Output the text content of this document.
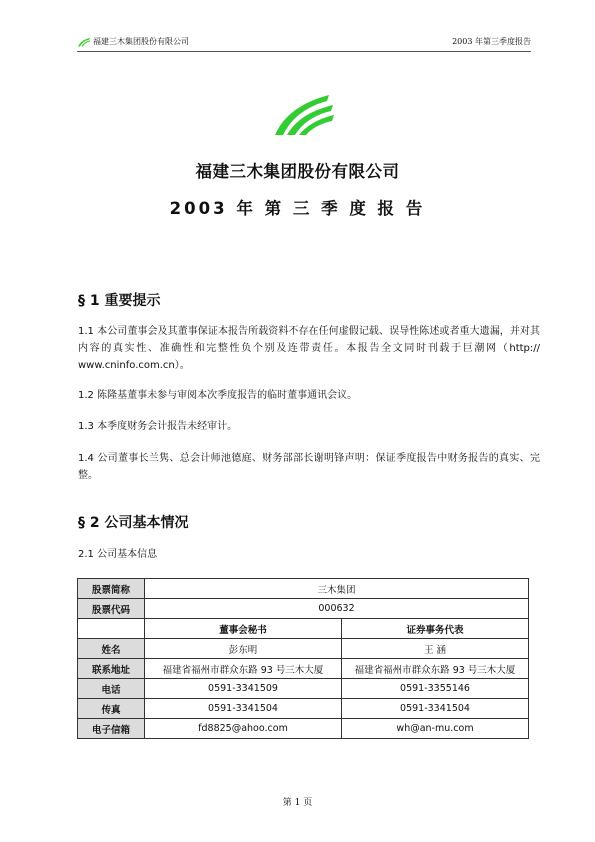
福建三木集团股份有限公司	2003 年第三季度报告
福建三木集团股份有限公司
2003 年 第 三 季 度 报 告
§ 1 重要提示
1.1 本公司董事会及其董事保证本报告所载资料不存在任何虚假记载、误导性陈述或者重大遗漏，并对其内容的真实性、准确性和完整性负个别及连带责任。本报告全文同时刊载于巨潮网（http:// www.cninfo.com.cn）。
1.2 陈隆基董事未参与审阅本次季度报告的临时董事通讯会议。
1.3 本季度财务会计报告未经审计。
1.4 公司董事长兰隽、总会计师池德庭、财务部部长谢明锋声明：保证季度报告中财务报告的真实、完整。
§ 2 公司基本情况
2.1 公司基本信息
股票简称	三木集团	
股票代码	000632	
	董事会秘书	证券事务代表
姓名	彭东明	王 涵
联系地址	福建省福州市群众东路 93 号三木大厦	福建省福州市群众东路 93 号三木大厦
电话	0591-3341509	0591-3355146
传真	0591-3341504	0591-3341504
电子信箱	fd8825@ahoo.com	wh@an-mu.com
第 1 页
